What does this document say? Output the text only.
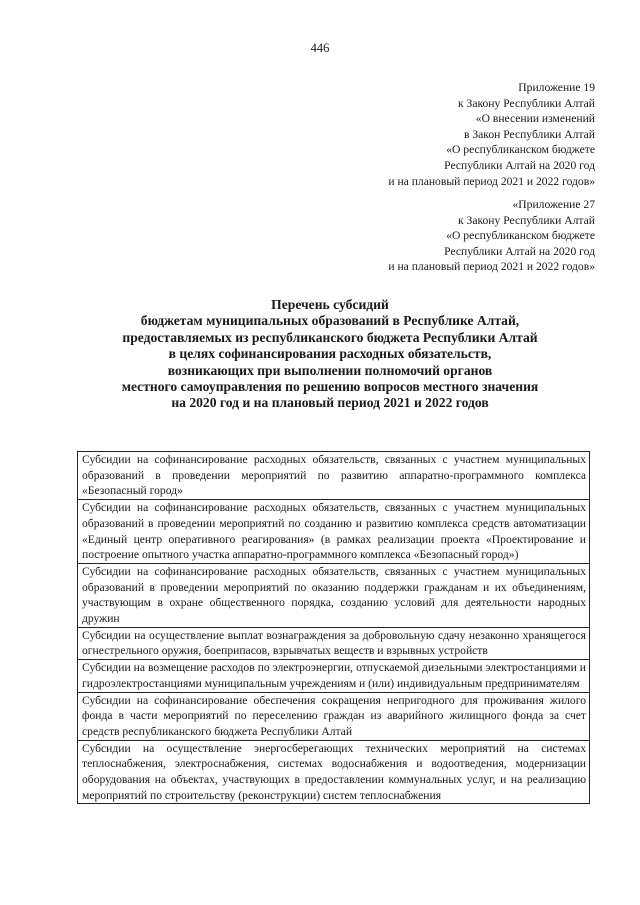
446
Приложение 19
к Закону Республики Алтай
«О внесении изменений
в Закон Республики Алтай
«О республиканском бюджете
Республики Алтай на 2020 год
и на плановый период 2021 и 2022 годов»
«Приложение 27
к Закону Республики Алтай
«О республиканском бюджете
Республики Алтай на 2020 год
и на плановый период 2021 и 2022 годов»
Перечень субсидий
бюджетам муниципальных образований в Республике Алтай,
предоставляемых из республиканского бюджета Республики Алтай
в целях софинансирования расходных обязательств,
возникающих при выполнении полномочий органов
местного самоуправления по решению вопросов местного значения
на 2020 год и на плановый период 2021 и 2022 годов
Субсидии на софинансирование расходных обязательств, связанных с участием муниципальных образований в проведении мероприятий по развитию аппаратно-программного комплекса «Безопасный город»
Субсидии на софинансирование расходных обязательств, связанных с участием муниципальных образований в проведении мероприятий по созданию и развитию комплекса средств автоматизации «Единый центр оперативного реагирования» (в рамках реализации проекта «Проектирование и построение опытного участка аппаратно-программного комплекса «Безопасный город»)
Субсидии на софинансирование расходных обязательств, связанных с участием муниципальных образований в проведении мероприятий по оказанию поддержки гражданам и их объединениям, участвующим в охране общественного порядка, созданию условий для деятельности народных дружин
Субсидии на осуществление выплат вознаграждения за добровольную сдачу незаконно хранящегося огнестрельного оружия, боеприпасов, взрывчатых веществ и взрывных устройств
Субсидии на возмещение расходов по электроэнергии, отпускаемой дизельными электростанциями и гидроэлектростанциями муниципальным учреждениям и (или) индивидуальным предпринимателям
Субсидии на софинансирование обеспечения сокращения непригодного для проживания жилого фонда в части мероприятий по переселению граждан из аварийного жилищного фонда за счет средств республиканского бюджета Республики Алтай
Субсидии на осуществление энергосберегающих технических мероприятий на системах теплоснабжения, электроснабжения, системах водоснабжения и водоотведения, модернизации оборудования на объектах, участвующих в предоставлении коммунальных услуг, и на реализацию мероприятий по строительству (реконструкции) систем теплоснабжения
